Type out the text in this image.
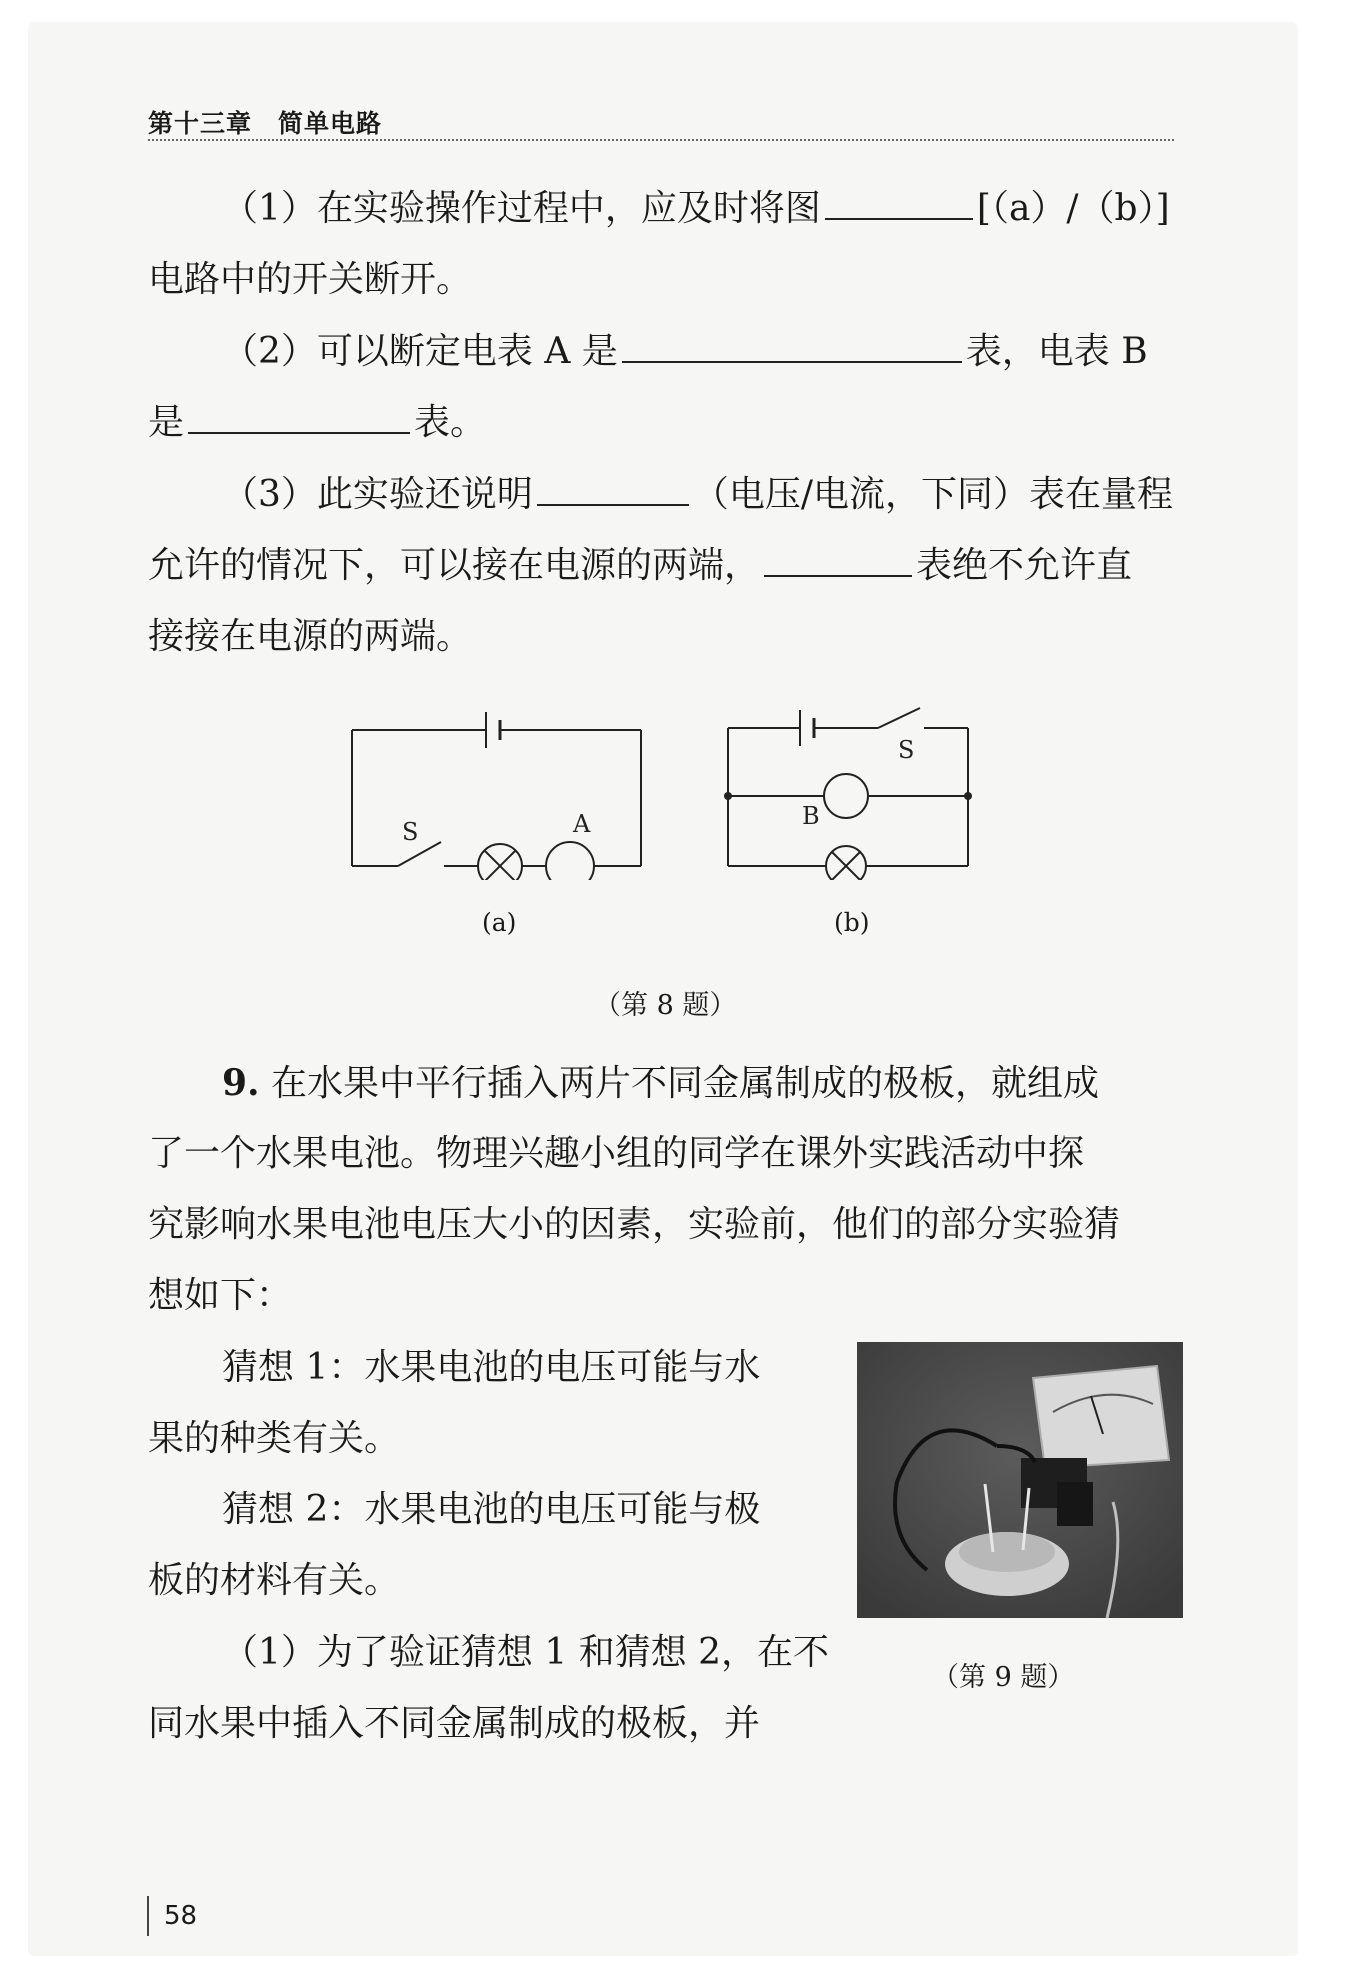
第十三章 简单电路
（1）在实验操作过程中，应及时将图	[（a）/（b）]
电路中的开关断开。
（2）可以断定电表 A 是	表，电表 B
是	表。
（3）此实验还说明	（电压/电流，下同）表在量程
允许的情况下，可以接在电源的两端，	表绝不允许直
接接在电源的两端。
S	A
(a)
S
B
(b)
（第 8 题）
9. 在水果中平行插入两片不同金属制成的极板，就组成
了一个水果电池。物理兴趣小组的同学在课外实践活动中探
究影响水果电池电压大小的因素，实验前，他们的部分实验猜
想如下：
猜想 1：水果电池的电压可能与水
果的种类有关。
猜想 2：水果电池的电压可能与极
板的材料有关。
（1）为了验证猜想 1 和猜想 2，在不
同水果中插入不同金属制成的极板，并
（第 9 题）
58
